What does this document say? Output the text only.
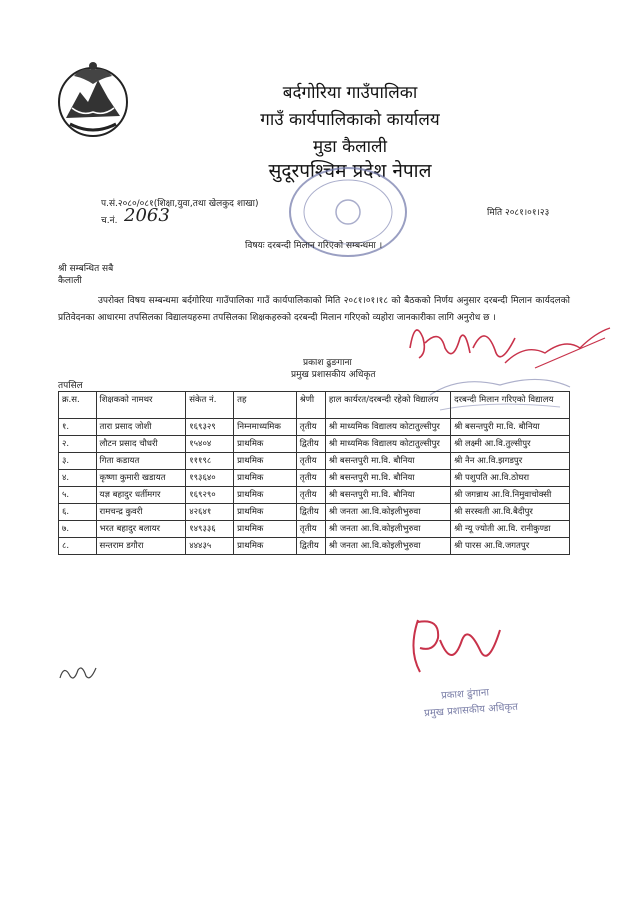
बर्दगोरिया गाउँपालिका
गाउँ कार्यपालिकाको कार्यालय
मुडा कैलाली
सुदूरपश्चिम प्रदेश नेपाल
प.सं.२०८०/०८१(शिक्षा,युवा,तथा खेलकुद शाखा)
च.नं. 2063	मिति २०८१।०१।२३
विषयः दरबन्दी मिलान गरिएको सम्बन्धमा ।
श्री सम्बन्धित सबै
कैलाली
उपरोक्त विषय सम्बन्धमा बर्दगोरिया गाउँपालिका गाउँ कार्यपालिकाको मिति २०८१।०१।१८ को बैठकको निर्णय अनुसार दरबन्दी मिलान कार्यदलको प्रतिवेदनका आधारमा तपसिलका विद्यालयहरुमा तपसिलका शिक्षकहरुको दरबन्दी मिलान गरिएको व्यहोरा जानकारीका लागि अनुरोध छ ।
प्रकाश ढुङगाना
प्रमुख प्रशासकीय अधिकृत
तपसिल
क्र.स.	शिक्षकको नामथर	संकेत नं.	तह	श्रेणी	हाल कार्यरत/दरबन्दी रहेको विद्यालय	दरबन्दी मिलान गरिएको विद्यालय
१.	तारा प्रसाद जोशी	१६९३२९	निम्नमाध्यमिक	तृतीय	श्री माध्यमिक विद्यालय कोटातुल्सीपुर	श्री बसन्तपुरी मा.वि. बौनिया
२.	लौटन प्रसाद चौधरी	१५४०४	प्राथमिक	द्वितीय	श्री माध्यमिक विद्यालय कोटातुल्सीपुर	श्री लक्ष्मी आ.वि.तुल्सीपुर
३.	गिता कडायत	१११९८	प्राथमिक	तृतीय	श्री बसन्तपुरी मा.वि. बौनिया	श्री नैन आ.वि.झगडपुर
४.	कृष्णा कुमारी खडायत	१९३६४०	प्राथमिक	तृतीय	श्री बसन्तपुरी मा.वि. बौनिया	श्री पशुपति आ.वि.ठोघरा
५.	यज्ञ बहादुर धर्तीमगर	१६९२९०	प्राथमिक	तृतीय	श्री बसन्तपुरी मा.वि. बौनिया	श्री जगन्नाथ आ.वि.निमुवाचोक्सी
६.	रामचन्द्र कुवरी	४२६४१	प्राथमिक	द्वितीय	श्री जनता आ.वि.कोइलीभुरुवा	श्री सरस्वती आ.वि.बैदीपुर
७.	भरत बहादुर बलायर	१४९३३६	प्राथमिक	तृतीय	श्री जनता आ.वि.कोइलीभुरुवा	श्री न्यू ज्योती आ.वि. रानीकुण्डा
८.	सन्तराम डगौरा	४४४३५	प्राथमिक	द्वितीय	श्री जनता आ.वि.कोइलीभुरुवा	श्री पारस आ.वि.जगतपुर
प्रकाश ढुंगाना
प्रमुख प्रशासकीय अधिकृत
